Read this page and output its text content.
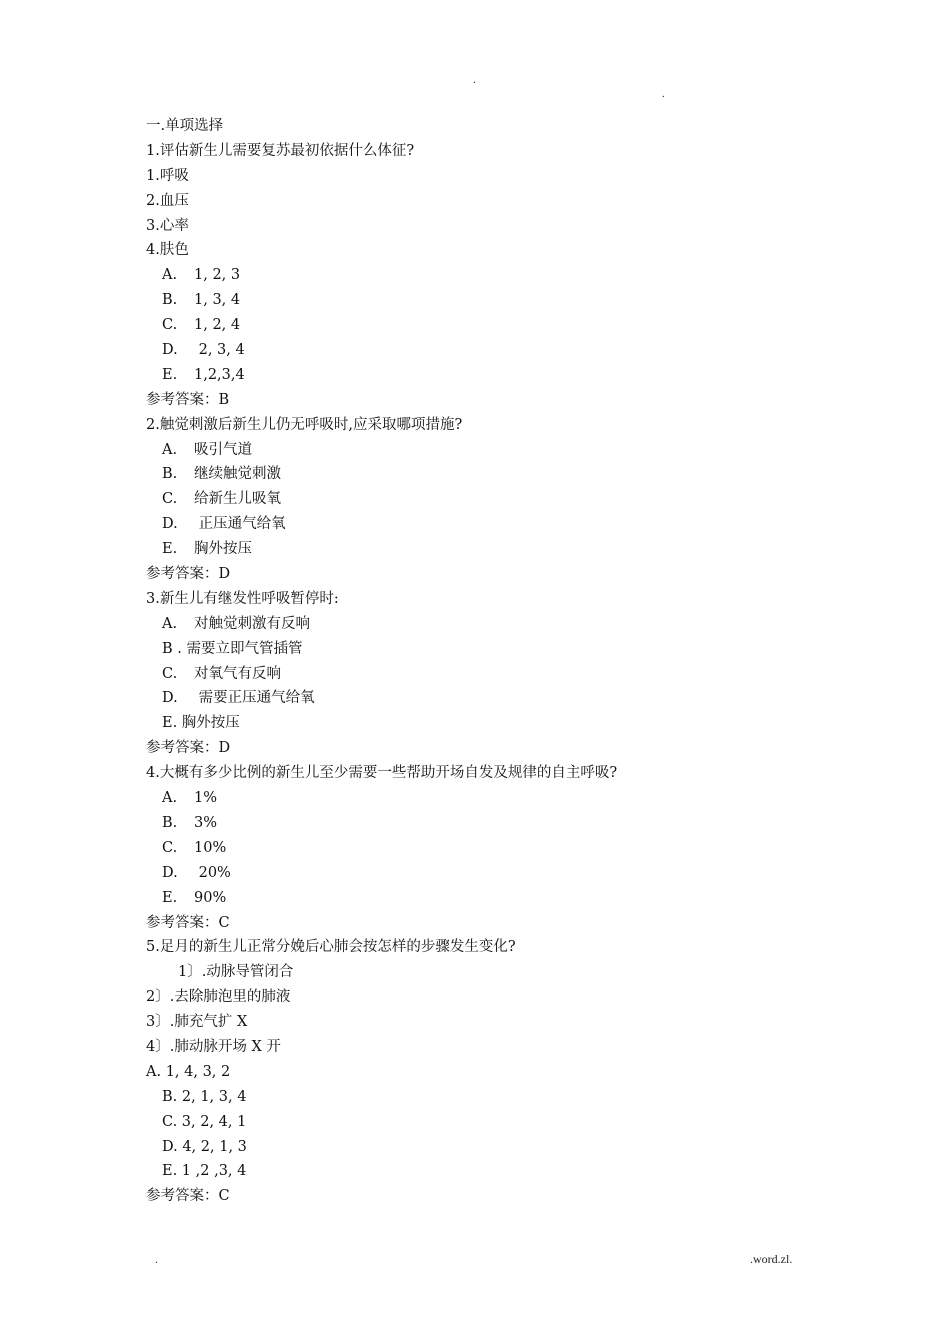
.
.
一.单项选择
1.评估新生儿需要复苏最初依据什么体征?
1.呼吸
2.血压
3.心率
4.肤色
A. 1, 2, 3
B. 1, 3, 4
C. 1, 2, 4
D. 2, 3, 4
E. 1,2,3,4
参考答案：B
2.触觉刺激后新生儿仍无呼吸时,应采取哪项措施?
A. 吸引气道
B. 继续触觉刺激
C. 给新生儿吸氧
D. 正压通气给氧
E. 胸外按压
参考答案：D
3.新生儿有继发性呼吸暂停时:
A. 对触觉刺激有反响
B . 需要立即气管插管
C. 对氧气有反响
D. 需要正压通气给氧
E. 胸外按压
参考答案：D
4.大概有多少比例的新生儿至少需要一些帮助开场自发及规律的自主呼吸?
A. 1%
B. 3%
C. 10%
D. 20%
E. 90%
参考答案：C
5.足月的新生儿正常分娩后心肺会按怎样的步骤发生变化?
1〕.动脉导管闭合
2〕.去除肺泡里的肺液
3〕.肺充气扩 X
4〕.肺动脉开场 X 开
A. 1, 4, 3, 2
B. 2, 1, 3, 4
C. 3, 2, 4, 1
D. 4, 2, 1, 3
E. 1 ,2 ,3, 4
参考答案：C
.	.word.zl.
